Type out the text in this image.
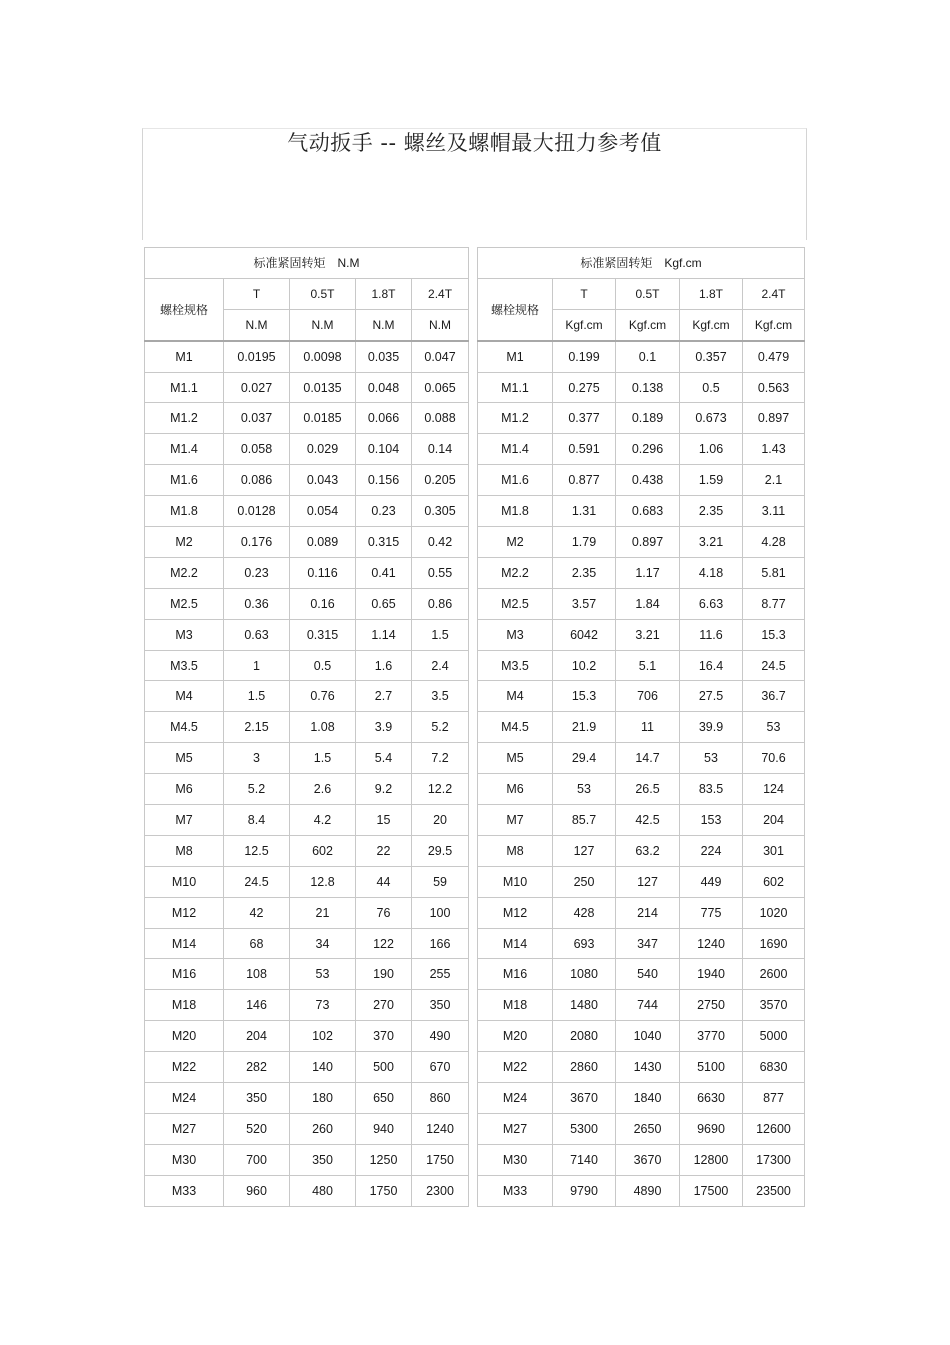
气动扳手 -- 螺丝及螺帽最大扭力参考值
标准紧固转矩　N.M				
螺栓规格	T	0.5T	1.8T	2.4T
	N.M	N.M	N.M	N.M
M1	0.0195	0.0098	0.035	0.047
M1.1	0.027	0.0135	0.048	0.065
M1.2	0.037	0.0185	0.066	0.088
M1.4	0.058	0.029	0.104	0.14
M1.6	0.086	0.043	0.156	0.205
M1.8	0.0128	0.054	0.23	0.305
M2	0.176	0.089	0.315	0.42
M2.2	0.23	0.116	0.41	0.55
M2.5	0.36	0.16	0.65	0.86
M3	0.63	0.315	1.14	1.5
M3.5	1	0.5	1.6	2.4
M4	1.5	0.76	2.7	3.5
M4.5	2.15	1.08	3.9	5.2
M5	3	1.5	5.4	7.2
M6	5.2	2.6	9.2	12.2
M7	8.4	4.2	15	20
M8	12.5	602	22	29.5
M10	24.5	12.8	44	59
M12	42	21	76	100
M14	68	34	122	166
M16	108	53	190	255
M18	146	73	270	350
M20	204	102	370	490
M22	282	140	500	670
M24	350	180	650	860
M27	520	260	940	1240
M30	700	350	1250	1750
M33	960	480	1750	2300
标准紧固转矩　Kgf.cm				
螺栓规格	T	0.5T	1.8T	2.4T
	Kgf.cm	Kgf.cm	Kgf.cm	Kgf.cm
M1	0.199	0.1	0.357	0.479
M1.1	0.275	0.138	0.5	0.563
M1.2	0.377	0.189	0.673	0.897
M1.4	0.591	0.296	1.06	1.43
M1.6	0.877	0.438	1.59	2.1
M1.8	1.31	0.683	2.35	3.11
M2	1.79	0.897	3.21	4.28
M2.2	2.35	1.17	4.18	5.81
M2.5	3.57	1.84	6.63	8.77
M3	6042	3.21	11.6	15.3
M3.5	10.2	5.1	16.4	24.5
M4	15.3	706	27.5	36.7
M4.5	21.9	11	39.9	53
M5	29.4	14.7	53	70.6
M6	53	26.5	83.5	124
M7	85.7	42.5	153	204
M8	127	63.2	224	301
M10	250	127	449	602
M12	428	214	775	1020
M14	693	347	1240	1690
M16	1080	540	1940	2600
M18	1480	744	2750	3570
M20	2080	1040	3770	5000
M22	2860	1430	5100	6830
M24	3670	1840	6630	877
M27	5300	2650	9690	12600
M30	7140	3670	12800	17300
M33	9790	4890	17500	23500
